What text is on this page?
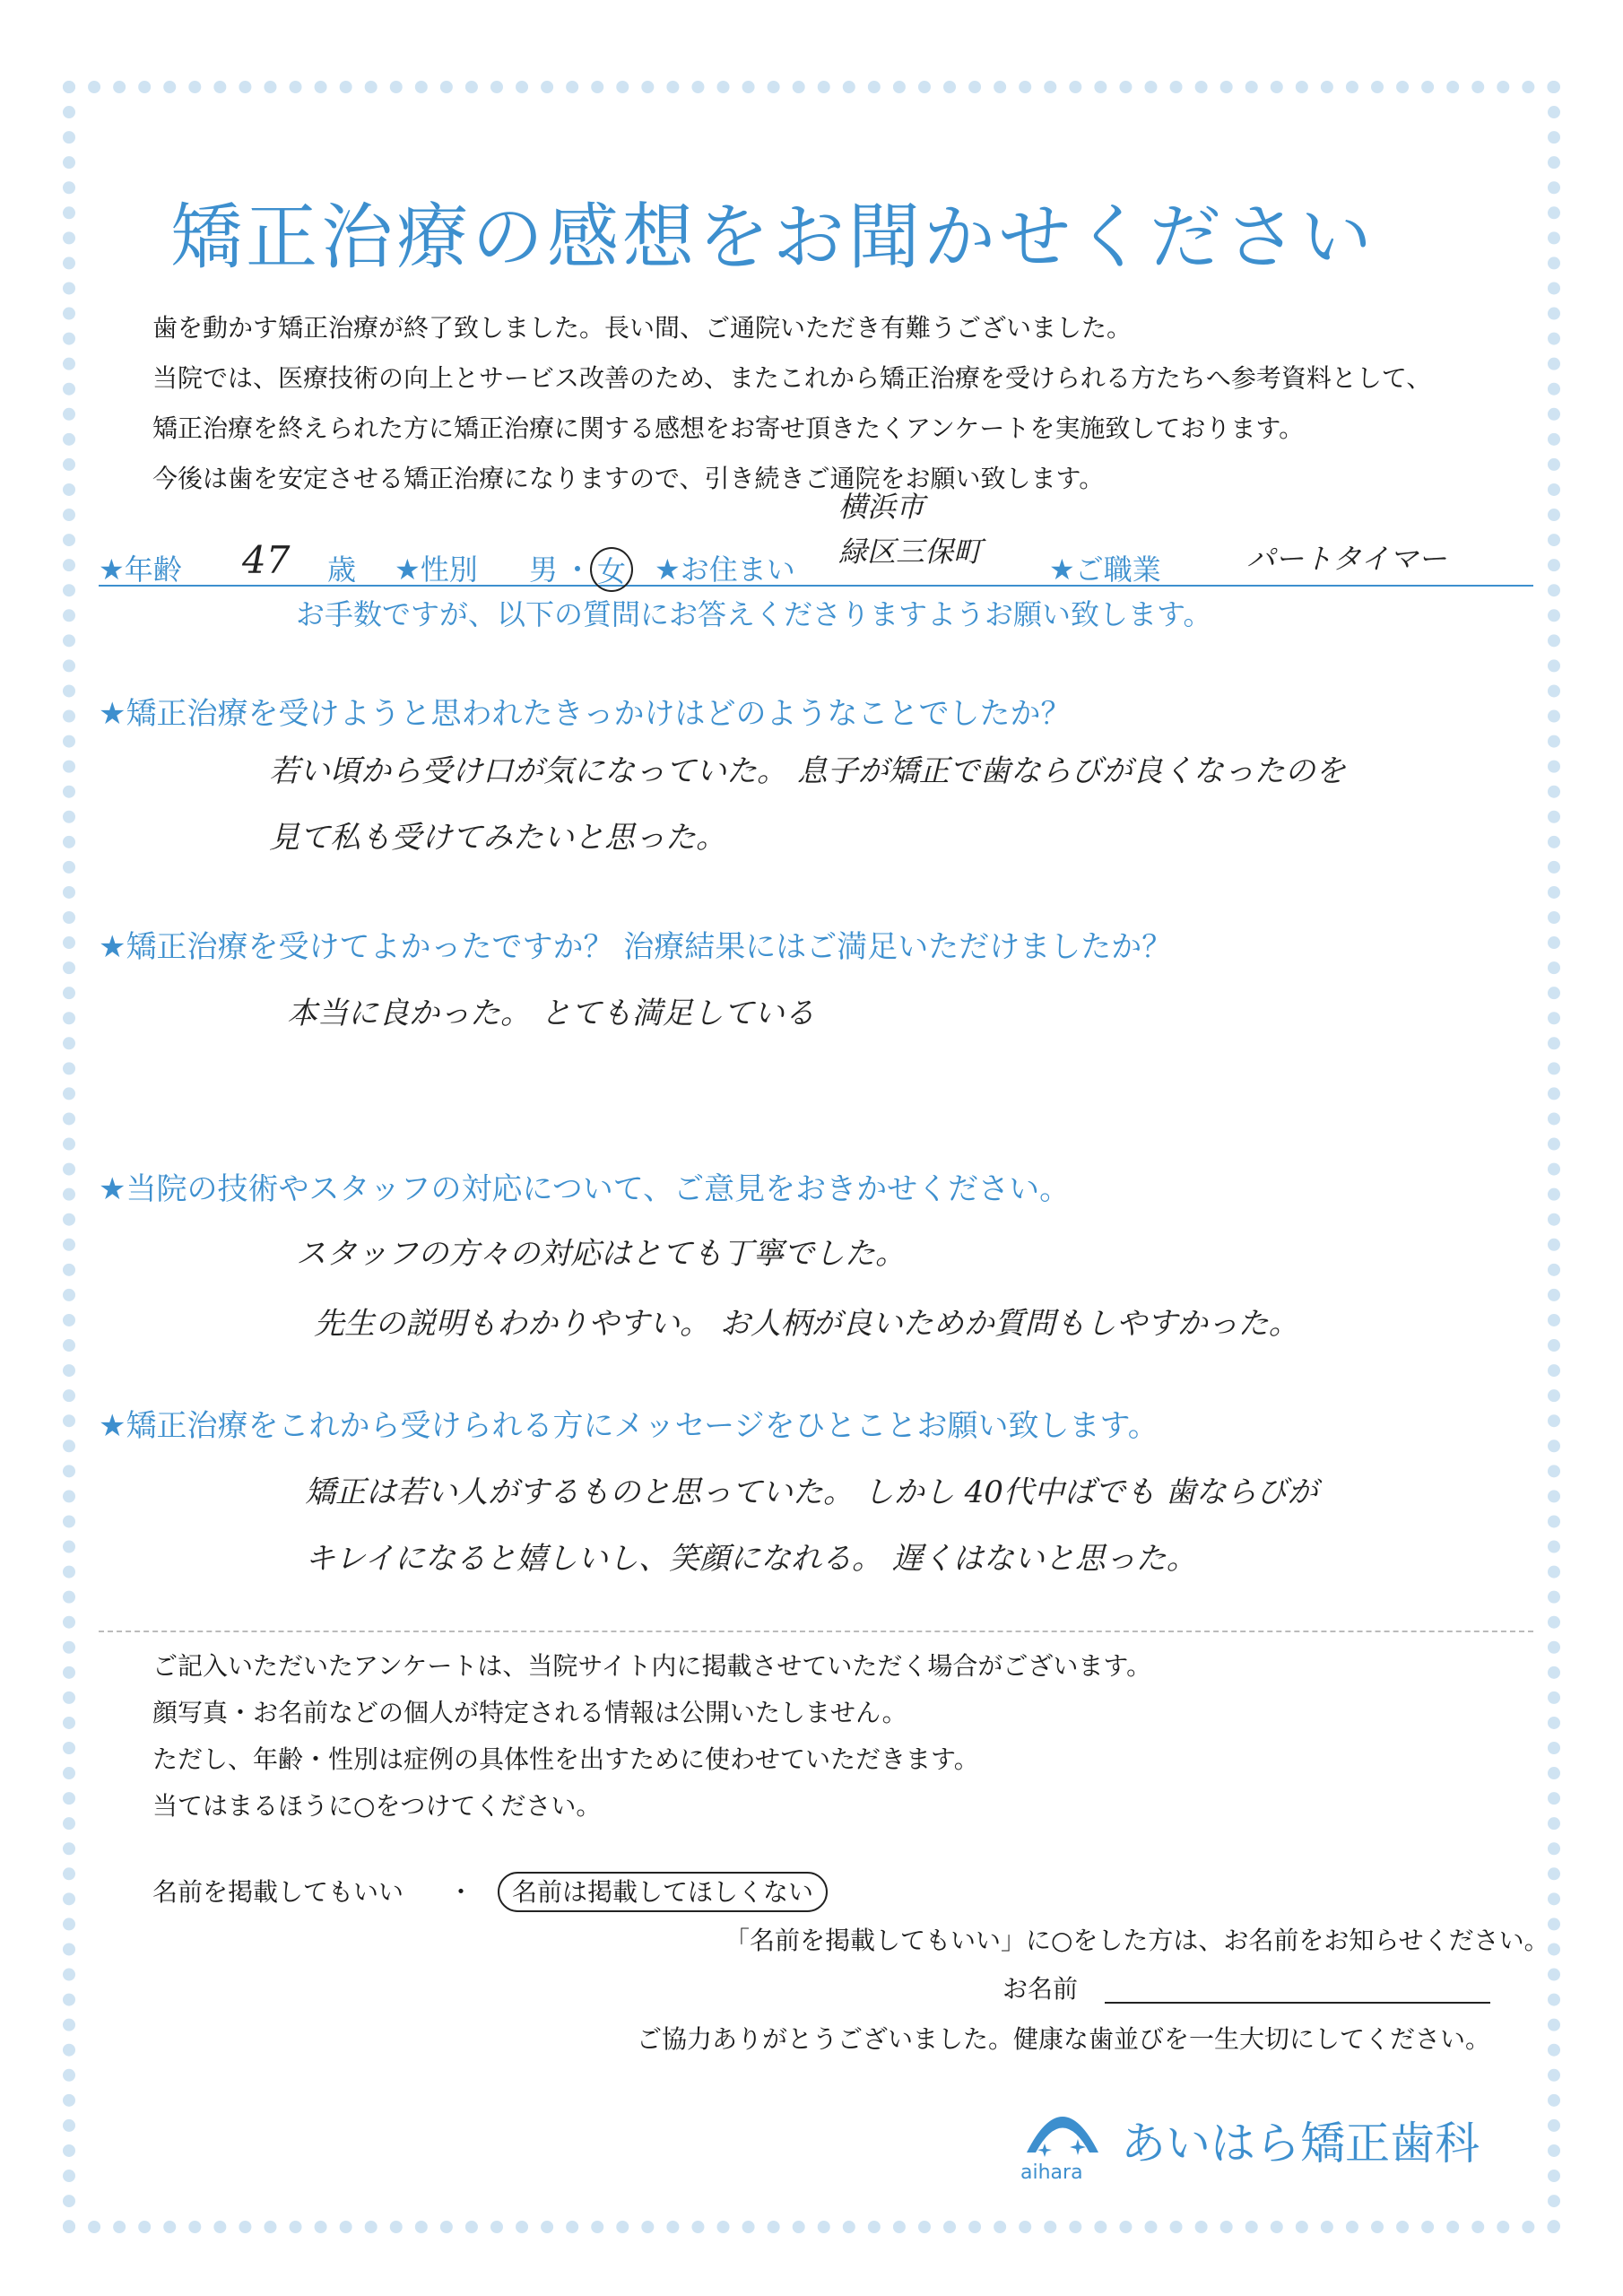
矯正治療の感想をお聞かせください

歯を動かす矯正治療が終了致しました。長い間、ご通院いただき有難うございました。

当院では、医療技術の向上とサービス改善のため、またこれから矯正治療を受けられる方たちへ参考資料として、

矯正治療を終えられた方に矯正治療に関する感想をお寄せ頂きたくアンケートを実施致しております。

今後は歯を安定させる矯正治療になりますので、引き続きご通院をお願い致します。

★年齢 47 歳 ★性別 男 ・ 女 ★お住まい
横浜市
緑区三保町
★ご職業	パートタイマー
お手数ですが、以下の質問にお答えくださりますようお願い致します。
★矯正治療を受けようと思われたきっかけはどのようなことでしたか？
若い頃から受け口が気になっていた。 息子が矯正で歯ならびが良くなったのを
見て私も受けてみたいと思った。
★矯正治療を受けてよかったですか？ 治療結果にはご満足いただけましたか？
本当に良かった。 とても満足している
★当院の技術やスタッフの対応について、ご意見をおきかせください。
スタッフの方々の対応はとても丁寧でした。
先生の説明もわかりやすい。 お人柄が良いためか質問もしやすかった。
★矯正治療をこれから受けられる方にメッセージをひとことお願い致します。
矯正は若い人がするものと思っていた。 しかし 40代中ばでも 歯ならびが
キレイになると嬉しいし、笑顔になれる。 遅くはないと思った。

ご記入いただいたアンケートは、当院サイト内に掲載させていただく場合がございます。

顔写真・お名前などの個人が特定される情報は公開いたしません。

ただし、年齢・性別は症例の具体性を出すために使わせていただきます。

当てはまるほうに○をつけてください。

名前を掲載してもいい ・	名前は掲載してほしくない
「名前を掲載してもいい」に○をした方は、お名前をお知らせください。
お名前
ご協力ありがとうございました。健康な歯並びを一生大切にしてください。
aihara
あいはら矯正歯科
